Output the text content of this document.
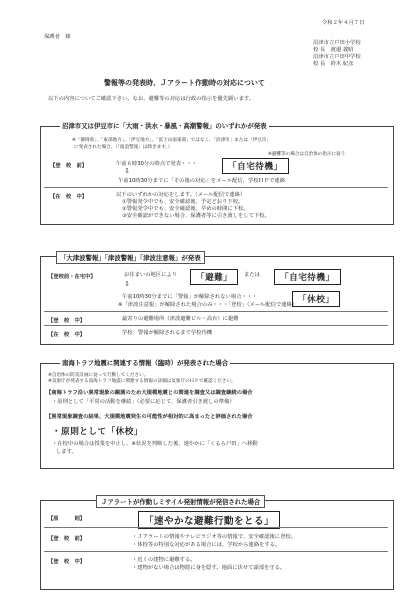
令和２年４月７日
保護者　様
沼津市立戸田小学校
校 長　渡邉 義昭
沼津市立戸田中学校
校 長　鈴木 紀彦
警報等の発表時、Ｊアラート作動時の対応について
以下の内容についてご確認下さい。なお、避難等の対応は行政の指示を優先願います。
沼津市又は伊豆市に「大雨・洪水・暴風・高潮警報」のいずれかが発表
※「静岡県」、「東部地方」、「伊豆地方」、「富士山南東部」ではなく、「沼津市」または「伊豆市」
に発表された場合。（「波浪警報」は除きます。）
※避難等の場合は自治体の指示に従う
【登　校　前】	午前６時30分の時点で発表・・・	「自宅待機」
⇩
午前10時30分までに「その後の対応」をメール配信、学校ＨＰで連絡
【在　校　中】	以下のいずれかの対応をします。（メール配信で連絡）
①警報発令中でも、安全確認後、予定どおり下校。
②警報発令中でも、安全確認後、早めの時間に下校。
③安全確認ができない場合、保護者等に引き渡しをして下校。
「大津波警報」「津波警報」「津波注意報」が発表
【登校前・在宅中】	お住まいの地区により	「避難」	または	「自宅待機」
⇩
午前10時30分までに「警報」が解除されない場合・・・	「休校」
※「津波注意報」が解除された場合のみ・・・「登校」（メール配信で連絡）
【登　校　中】	最寄りの避難場所（津波避難ビル・高台）に避難
【在　校　中】	学校：警報が解除されるまで学校待機
南海トラフ地震に関連する情報（臨時）が発表された場合
※自治体の防災計画に従って行動してください。
※気象庁が発表する南海トラフ地震に関連する情報の詳細は気象庁のＨＰで確認ください。
【南海トラフ沿い異常現象の観測のため大規模地震との関連を調査又は調査継続の場合
・原則として「平常の活動を継続」（必要に応じて、保護者引き渡しの準備）
【異常現象調査の結果、大規模地震発生の可能性が相対的に高まったと評価された場合
・原則として「休校」
・在校中の場合は授業を中止し、※状況を判断した後、速やかに「くるら戸田」へ移動
します。
Ｊアラートが作動しミサイル発射情報が発信された場合
【原　　　則】	「速やかな避難行動をとる」
【登　校　前】	・Ｊアラートの情報やテレビラジオ等の情報で、安全確認後に登校。
・休校等の特別な対応がある場合には、学校から連絡をする。
【登　校　中】	・近くの建物に避難する。
・建物がない場合は物陰に身を隠す。地面に伏せて頭部を守る。
